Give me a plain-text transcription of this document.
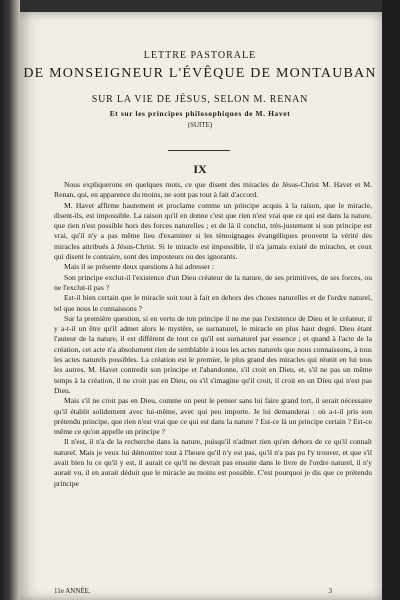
LETTRE PASTORALE
DE MONSEIGNEUR L'ÉVÊQUE DE MONTAUBAN
SUR LA VIE DE JÉSUS, SELON M. RENAN
Et sur les principes philosophiques de M. Havet
(SUITE)
IX

Nous expliquerons en quelques mots, ce que disent des miracles de Jésus-Christ M. Havet et M. Renan, qui, en apparence du moins, ne sont pas tout à fait d'accord.

M. Havet affirme hautement et proclame comme un principe acquis à la raison, que le miracle, disent-ils, est impossible. La raison qu'il en donne c'est que rien n'est vrai que ce qui est dans la nature, que rien n'est possible hors des forces naturelles ; et de là il conclut, très-justement si son principe est vrai, qu'il n'y a pas même lieu d'examiner si les témoignages évangéliques prouvent la vérité des miracles attribués à Jésus-Christ. Si le miracle est impossible, il n'a jamais existé de miracles, et ceux qui disent le contraire, sont des imposteurs ou des ignorants.

Mais il se présente deux questions à lui adresser :

Son principe exclut-il l'existence d'un Dieu créateur de la nature, de ses primitives, de ses forces, ou ne l'exclut-il pas ?

Est-il bien certain que le miracle soit tout à fait en dehors des choses naturelles et de l'ordre naturel, tel que nous le connaissons ?

Sur la première question, si en vertu de ton principe il ne me pas l'existence de Dieu et le créateur, il y a-t-il un être qu'il admet alors le mystère, se surnaturel, le miracle en plus haut degré. Dieu étant l'auteur de la nature, il est différent de tout ce qu'il est surnaturel par essence ; et quand à l'acte de la création, cet acte n'a absolument rien de semblable à tous les actes naturels que nous connaissons, à tous les actes naturels possibles. La création est le premier, le plus grand des miracles qui réunit en lui tous les autres. M. Havet contredit son principe et l'abandonne, s'il croit en Dieu, et, s'il ne pas un même temps à la création, il ne croit pas en Dieu, ou s'il s'imagine qu'il croit, il croit en un Dieu qui n'est pas Dieu.

Mais s'il ne croit pas en Dieu, comme on peut le penser sans lui faire grand tort, il serait nécessaire qu'il établit solidement avec lui-même, avec qui peu importe. Je lui demanderai : où a-t-il pris son prétendu principe, que rien n'est vrai que ce qui est dans la nature ? Est-ce là un principe certain ? Est-ce même ce qu'on appelle un principe ?

Il n'est, il n'a de la recherche dans la nature, puisqu'il n'admet rien qu'en dehors de ce qu'il connaît naturel. Mais je veux lui démontrer tout à l'heure qu'il n'y est pas, qu'il n'a pas pu l'y trouver, et que s'il avait bien lu ce qu'il y est, il aurait ce qu'il ne devrait pas ensuite dans le livre de l'ordre naturel, il n'y aurait vu, il en aurait déduit que le miracle au moins est possible. C'est pourquoi je dis que ce prétendu principe

11e ANNÉE.	3
